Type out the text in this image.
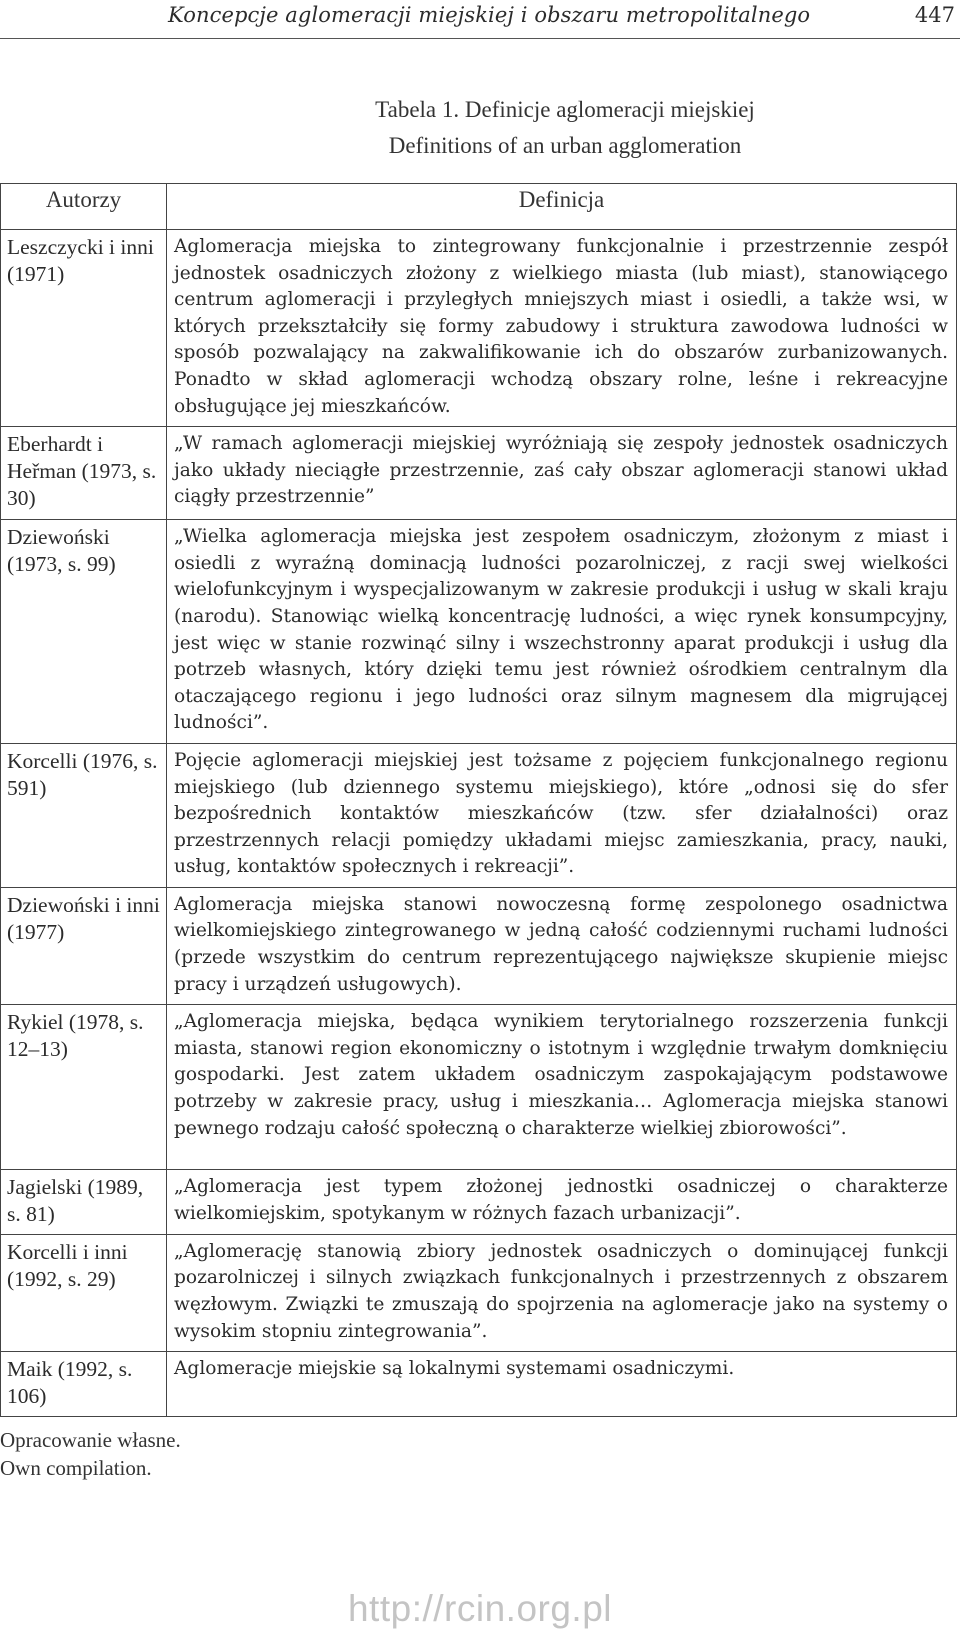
Koncepcje aglomeracji miejskiej i obszaru metropolitalnego	447
Tabela 1. Definicje aglomeracji miejskiej
Definitions of an urban agglomeration
Autorzy	Definicja
Leszczycki i inni (1971)	Aglomeracja miejska to zintegrowany funkcjonalnie i przestrzennie zespół jednostek osadniczych złożony z wielkiego miasta (lub miast), stanowiącego centrum aglomeracji i przyległych mniejszych miast i osiedli, a także wsi, w których przekształciły się formy zabudowy i struktura zawodowa ludności w sposób pozwalający na zakwalifikowanie ich do obszarów zurbanizowanych. Ponadto w skład aglomeracji wchodzą obszary rolne, leśne i rekreacyjne obsługujące jej mieszkańców.
Eberhardt i Heřman (1973, s. 30)	„W ramach aglomeracji miejskiej wyróżniają się zespoły jednostek osadniczych jako układy nieciągłe przestrzennie, zaś cały obszar aglomeracji stanowi układ ciągły przestrzennie”
Dziewoński (1973, s. 99)	„Wielka aglomeracja miejska jest zespołem osadniczym, złożonym z miast i osiedli z wyraźną dominacją ludności pozarolniczej, z racji swej wielkości wielofunkcyjnym i wyspecjalizowanym w zakresie produkcji i usług w skali kraju (narodu). Stanowiąc wielką koncentrację ludności, a więc rynek konsumpcyjny, jest więc w stanie rozwinąć silny i wszechstronny aparat produkcji i usług dla potrzeb własnych, który dzięki temu jest również ośrodkiem centralnym dla otaczającego regionu i jego ludności oraz silnym magnesem dla migrującej ludności”.
Korcelli (1976, s. 591)	Pojęcie aglomeracji miejskiej jest tożsame z pojęciem funkcjonalnego regionu miejskiego (lub dziennego systemu miejskiego), które „odnosi się do sfer bezpośrednich kontaktów mieszkańców (tzw. sfer działalności) oraz przestrzennych relacji pomiędzy układami miejsc zamieszkania, pracy, nauki, usług, kontaktów społecznych i rekreacji”.
Dziewoński i inni (1977)	Aglomeracja miejska stanowi nowoczesną formę zespolonego osadnictwa wielkomiejskiego zintegrowanego w jedną całość codziennymi ruchami ludności (przede wszystkim do centrum reprezentującego największe skupienie miejsc pracy i urządzeń usługowych).
Rykiel (1978, s. 12–13)	„Aglomeracja miejska, będąca wynikiem terytorialnego rozszerzenia funkcji miasta, stanowi region ekonomiczny o istotnym i względnie trwałym domknięciu gospodarki. Jest zatem układem osadniczym zaspokajającym podstawowe potrzeby w zakresie pracy, usług i mieszkania… Aglomeracja miejska stanowi pewnego rodzaju całość społeczną o charakterze wielkiej zbiorowości”.
Jagielski (1989, s. 81)	„Aglomeracja jest typem złożonej jednostki osadniczej o charakterze wielkomiejskim, spotykanym w różnych fazach urbanizacji”.
Korcelli i inni (1992, s. 29)	„Aglomerację stanowią zbiory jednostek osadniczych o dominującej funkcji pozarolniczej i silnych związkach funkcjonalnych i przestrzennych z obszarem węzłowym. Związki te zmuszają do spojrzenia na aglomeracje jako na systemy o wysokim stopniu zintegrowania”.
Maik (1992, s. 106)	Aglomeracje miejskie są lokalnymi systemami osadniczymi.
Opracowanie własne.
Own compilation.
http://rcin.org.pl
